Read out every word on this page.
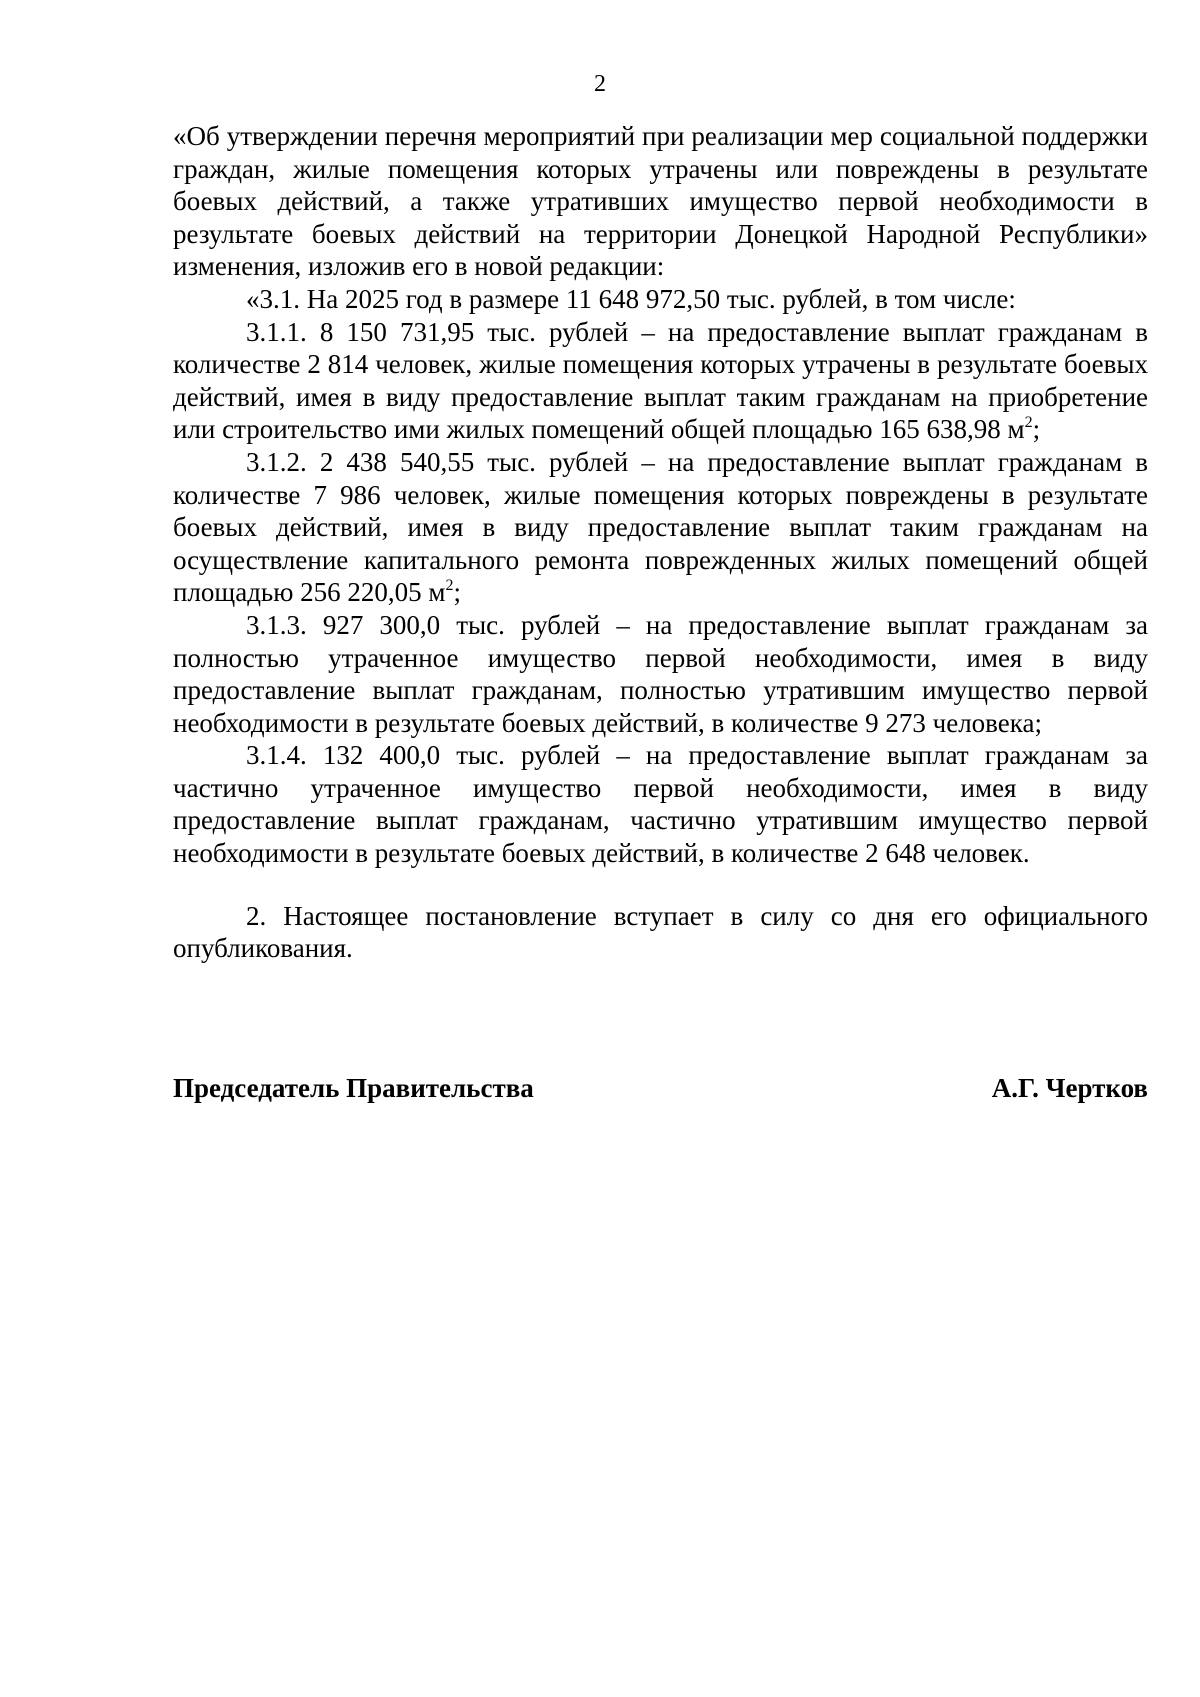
2

«Об утверждении перечня мероприятий при реализации мер социальной поддержки граждан, жилые помещения которых утрачены или повреждены в результате боевых действий, а также утративших имущество первой необходимости в результате боевых действий на территории Донецкой Народной Республики» изменения, изложив его в новой редакции:

«3.1. На 2025 год в размере 11 648 972,50 тыс. рублей, в том числе:

3.1.1. 8 150 731,95 тыс. рублей – на предоставление выплат гражданам в количестве 2 814 человек, жилые помещения которых утрачены в результате боевых действий, имея в виду предоставление выплат таким гражданам на приобретение или строительство ими жилых помещений общей площадью 165 638,98 $м^2$;

3.1.2. 2 438 540,55 тыс. рублей – на предоставление выплат гражданам в количестве 7 986 человек, жилые помещения которых повреждены в результате боевых действий, имея в виду предоставление выплат таким гражданам на осуществление капитального ремонта поврежденных жилых помещений общей площадью 256 220,05 $м^2$;

3.1.3. 927 300,0 тыс. рублей – на предоставление выплат гражданам за полностью утраченное имущество первой необходимости, имея в виду предоставление выплат гражданам, полностью утратившим имущество первой необходимости в результате боевых действий, в количестве 9 273 человека;

3.1.4. 132 400,0 тыс. рублей – на предоставление выплат гражданам за частично утраченное имущество первой необходимости, имея в виду предоставление выплат гражданам, частично утратившим имущество первой необходимости в результате боевых действий, в количестве 2 648 человек.

2. Настоящее постановление вступает в силу со дня его официального опубликования.

Председатель Правительства	А.Г. Чертков
